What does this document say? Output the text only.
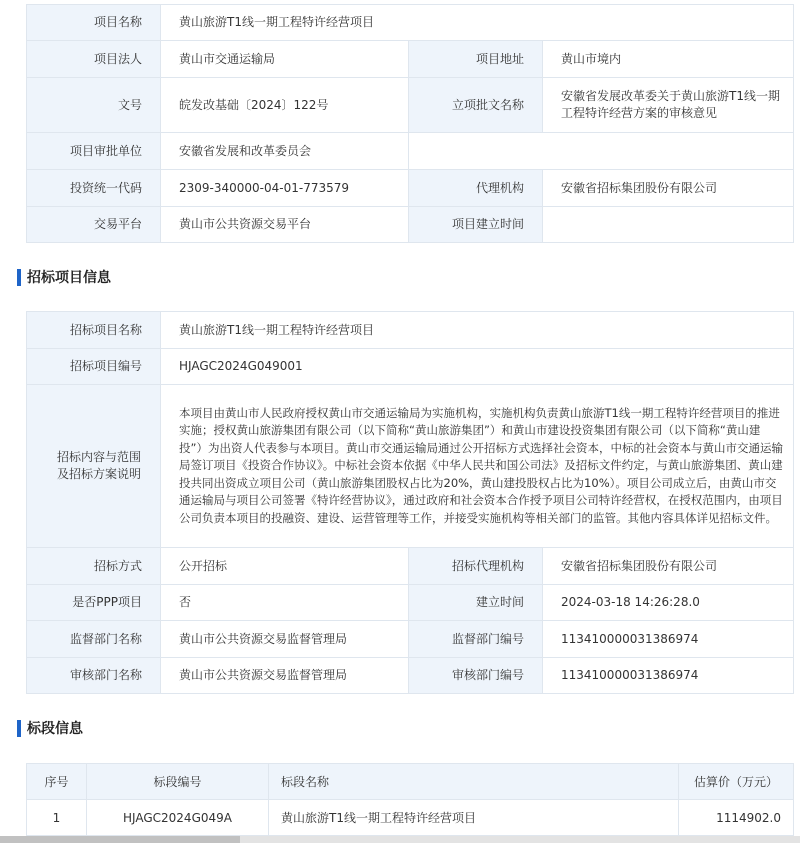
项目名称	黄山旅游T1线一期工程特许经营项目		
项目法人	黄山市交通运输局	项目地址	黄山市境内
文号	皖发改基础〔2024〕122号	立项批文名称	安徽省发展改革委关于黄山旅游T1线一期工程特许经营方案的审核意见
项目审批单位	安徽省发展和改革委员会		
投资统一代码	2309-340000-04-01-773579	代理机构	安徽省招标集团股份有限公司
交易平台	黄山市公共资源交易平台	项目建立时间	
招标项目信息
招标项目名称	黄山旅游T1线一期工程特许经营项目		
招标项目编号	HJAGC2024G049001		
招标内容与范围及招标方案说明	本项目由黄山市人民政府授权黄山市交通运输局为实施机构，实施机构负责黄山旅游T1线一期工程特许经营项目的推进实施；授权黄山旅游集团有限公司（以下简称“黄山旅游集团”）和黄山市建设投资集团有限公司（以下简称“黄山建投”）为出资人代表参与本项目。黄山市交通运输局通过公开招标方式选择社会资本，中标的社会资本与黄山市交通运输局签订项目《投资合作协议》。中标社会资本依据《中华人民共和国公司法》及招标文件约定，与黄山旅游集团、黄山建投共同出资成立项目公司（黄山旅游集团股权占比为20%，黄山建投股权占比为10%）。项目公司成立后，由黄山市交通运输局与项目公司签署《特许经营协议》，通过政府和社会资本合作授予项目公司特许经营权，在授权范围内，由项目公司负责本项目的投融资、建设、运营管理等工作，并接受实施机构等相关部门的监管。其他内容具体详见招标文件。		
招标方式	公开招标	招标代理机构	安徽省招标集团股份有限公司
是否PPP项目	否	建立时间	2024-03-18 14:26:28.0
监督部门名称	黄山市公共资源交易监督管理局	监督部门编号	11341000003138697​4
审核部门名称	黄山市公共资源交易监督管理局	审核部门编号	113410000031386974
标段信息
序号	标段编号	标段名称	估算价（万元）
1	HJAGC2024G049A	黄山旅游T1线一期工程特许经营项目	1114902.0
